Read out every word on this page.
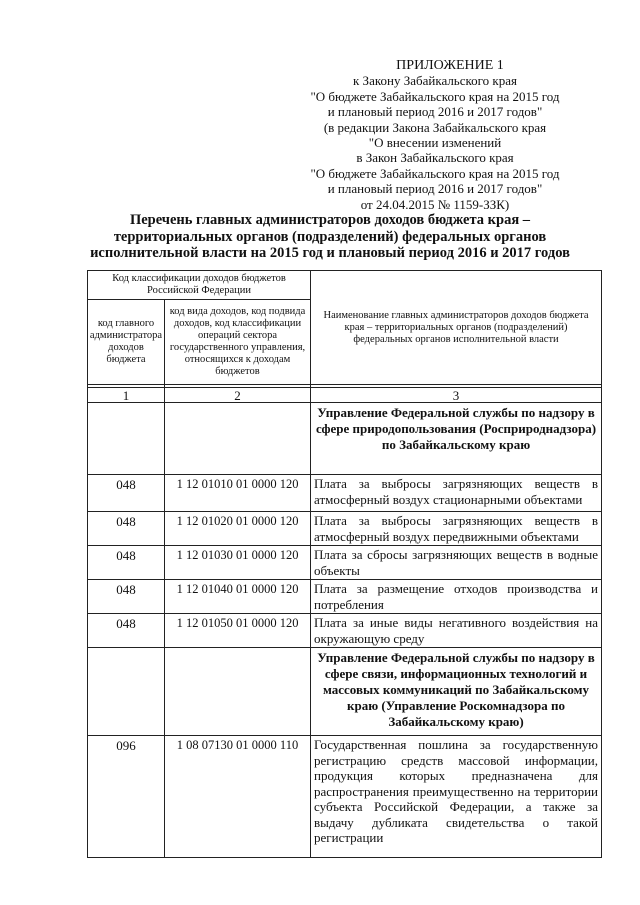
ПРИЛОЖЕНИЕ 1
к Закону Забайкальского края
"О бюджете Забайкальского края на 2015 год
и плановый период 2016 и 2017 годов"
(в редакции Закона Забайкальского края
"О внесении изменений
в Закон Забайкальского края
"О бюджете Забайкальского края на 2015 год
и плановый период 2016 и 2017 годов"
от 24.04.2015 № 1159-ЗЗК)
Перечень главных администраторов доходов бюджета края –
территориальных органов (подразделений) федеральных органов
исполнительной власти на 2015 год и плановый период 2016 и 2017 годов
Код классификации доходов бюджетов Российской Федерации		Наименование главных администраторов доходов бюджета края – территориальных органов (подразделений) федеральных органов исполнительной власти
код главного администратора доходов бюджета	код вида доходов, код подвида доходов, код классификации операций сектора государственного управления, относящихся к доходам бюджетов	

1	2	3
		Управление Федеральной службы по надзору в сфере природопользования (Росприроднадзора) по Забайкальскому краю
048	1 12 01010 01 0000 120	Плата за выбросы загрязняющих веществ в атмосферный воздух стационарными объектами
048	1 12 01020 01 0000 120	Плата за выбросы загрязняющих веществ в атмосферный воздух передвижными объектами
048	1 12 01030 01 0000 120	Плата за сбросы загрязняющих веществ в водные объекты
048	1 12 01040 01 0000 120	Плата за размещение отходов производства и потребления
048	1 12 01050 01 0000 120	Плата за иные виды негативного воздействия на окружающую среду
		Управление Федеральной службы по надзору в сфере связи, информационных технологий и массовых коммуникаций по Забайкальскому краю (Управление Роскомнадзора по Забайкальскому краю)
096	1 08 07130 01 0000 110	Государственная пошлина за государственную регистрацию средств массовой информации, продукция которых предназначена для распространения преимущественно на территории субъекта Российской Федерации, а также за выдачу дубликата свидетельства о такой регистрации
